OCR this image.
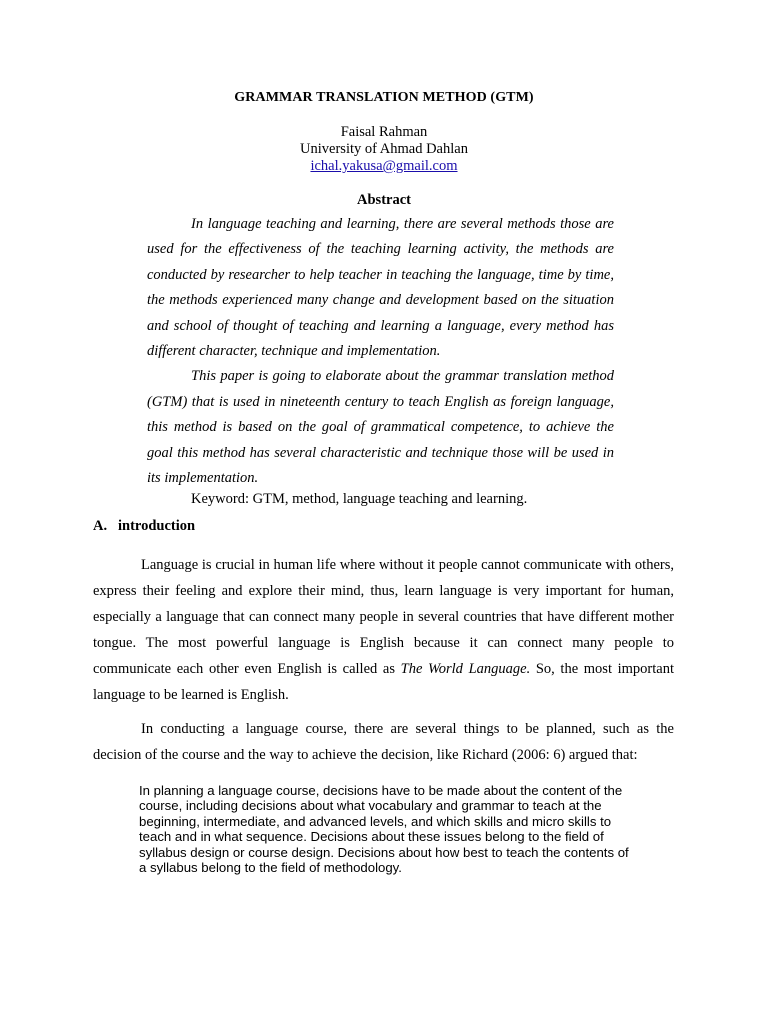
GRAMMAR TRANSLATION METHOD (GTM)
Faisal Rahman
University of Ahmad Dahlan
ichal.yakusa@gmail.com
Abstract

In language teaching and learning, there are several methods those are used for the effectiveness of the teaching learning activity, the methods are conducted by researcher to help teacher in teaching the language, time by time, the methods experienced many change and development based on the situation and school of thought of teaching and learning a language, every method has different character, technique and implementation.

This paper is going to elaborate about the grammar translation method (GTM) that is used in nineteenth century to teach English as foreign language, this method is based on the goal of grammatical competence, to achieve the goal this method has several characteristic and technique those will be used in its implementation.

Keyword: GTM, method, language teaching and learning.
A. introduction

Language is crucial in human life where without it people cannot communicate with others, express their feeling and explore their mind, thus, learn language is very important for human, especially a language that can connect many people in several countries that have different mother tongue. The most powerful language is English because it can connect many people to communicate each other even English is called as The World Language. So, the most important language to be learned is English.

In conducting a language course, there are several things to be planned, such as the decision of the course and the way to achieve the decision, like Richard (2006: 6) argued that:

In planning a language course, decisions have to be made about the content of the course, including decisions about what vocabulary and grammar to teach at the beginning, intermediate, and advanced levels, and which skills and micro skills to teach and in what sequence. Decisions about these issues belong to the field of syllabus design or course design. Decisions about how best to teach the contents of a syllabus belong to the field of methodology.
